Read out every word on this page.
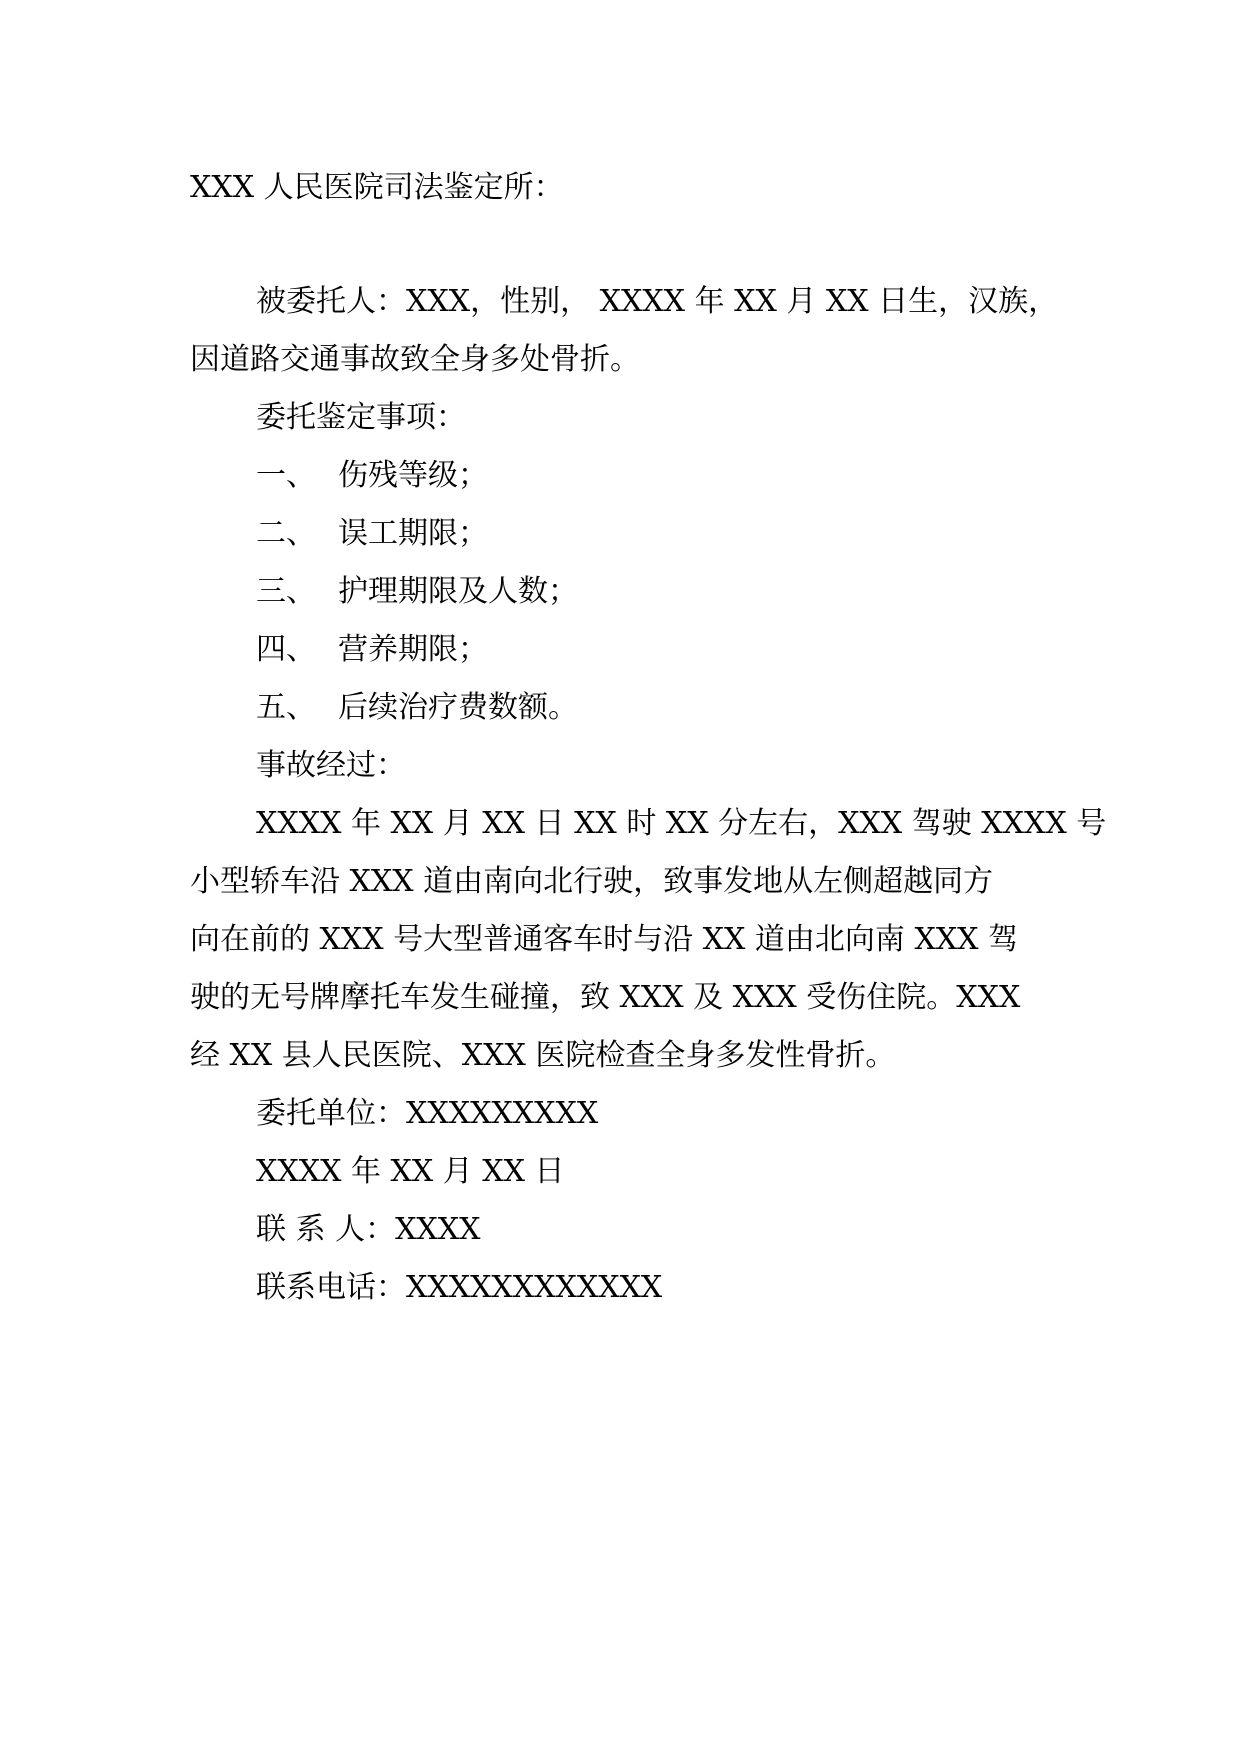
XXX 人民医院司法鉴定所：
被委托人：XXX，性别， XXXX 年 XX 月 XX 日生，汉族，
因道路交通事故致全身多处骨折。
委托鉴定事项：
一、 伤残等级；
二、 误工期限；
三、 护理期限及人数；
四、 营养期限；
五、 后续治疗费数额。
事故经过：
XXXX 年 XX 月 XX 日 XX 时 XX 分左右，XXX 驾驶 XXXX 号
小型轿车沿 XXX 道由南向北行驶，致事发地从左侧超越同方
向在前的 XXX 号大型普通客车时与沿 XX 道由北向南 XXX 驾
驶的无号牌摩托车发生碰撞，致 XXX 及 XXX 受伤住院。XXX
经 XX 县人民医院、XXX 医院检查全身多发性骨折。
委托单位：XXXXXXXXX
XXXX 年 XX 月 XX 日
联 系 人：XXXX
联系电话：XXXXXXXXXXXX
